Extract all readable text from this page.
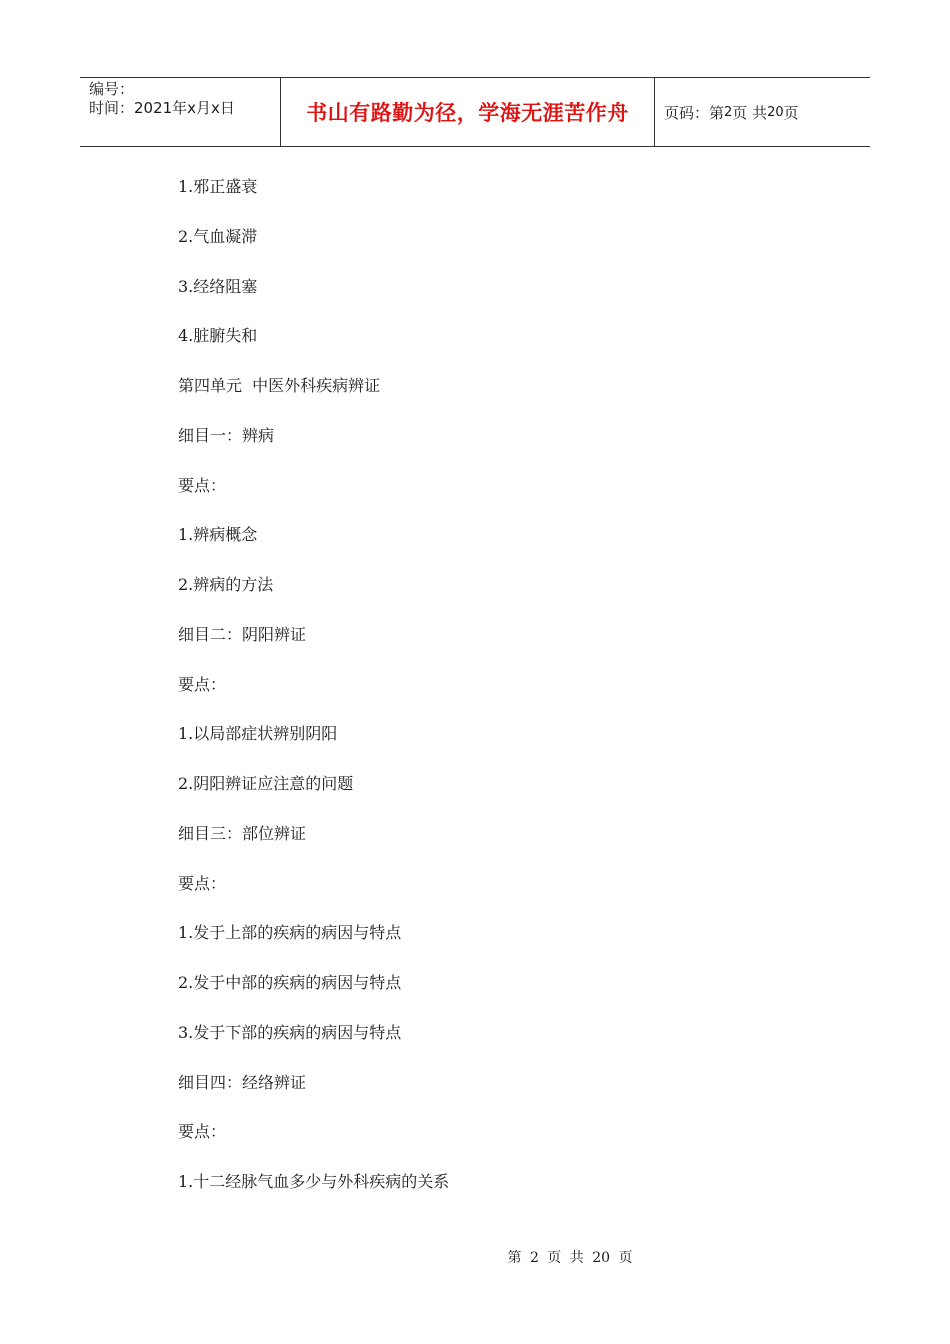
编号：
时间：2021年x月x日	书山有路勤为径，学海无涯苦作舟	页码：第 2 页 共 20 页
1.邪正盛衰
2.气血凝滞
3.经络阻塞
4.脏腑失和
第四单元  中医外科疾病辨证
细目一：辨病
要点：
1.辨病概念
2.辨病的方法
细目二：阴阳辨证
要点：
1.以局部症状辨别阴阳
2.阴阳辨证应注意的问题
细目三：部位辨证
要点：
1.发于上部的疾病的病因与特点
2.发于中部的疾病的病因与特点
3.发于下部的疾病的病因与特点
细目四：经络辨证
要点：
1.十二经脉气血多少与外科疾病的关系
第 2 页 共 20 页
